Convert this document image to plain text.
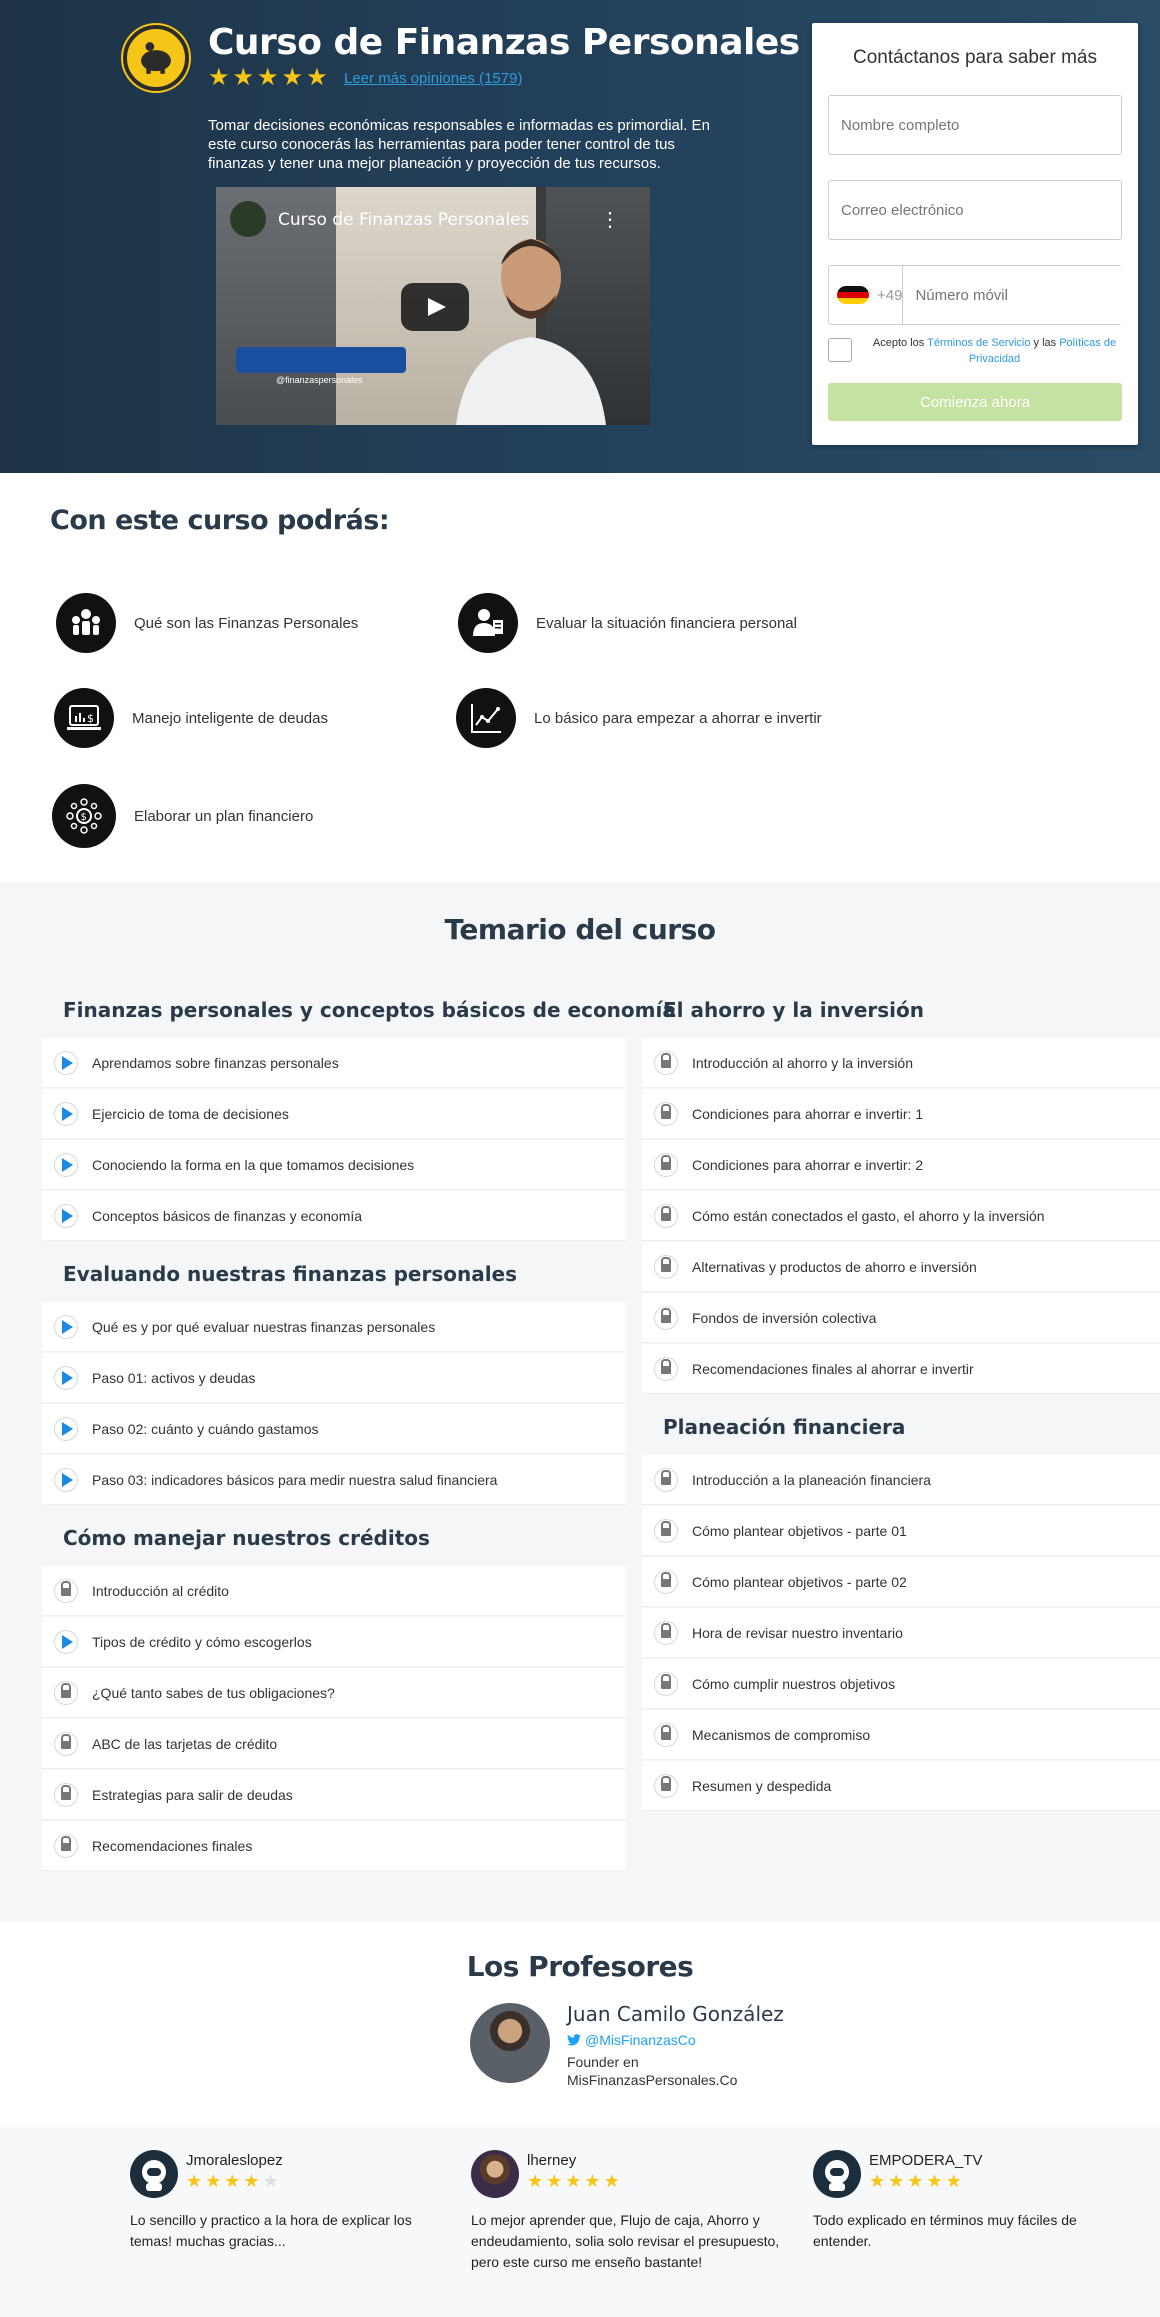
Curso de Finanzas Personales
★ ★ ★ ★ ★ Leer más opiniones (1579)
Tomar decisiones económicas responsables e informadas es primordial. En este curso conocerás las herramientas para poder tener control de tus finanzas y tener una mejor planeación y proyección de tus recursos.
Curso de Finanzas Personales	⋮
@finanzaspersonales
Contáctanos para saber más
Nombre completo
Correo electrónico
+49
Número móvil
Acepto los Términos de Servicio y las Políticas de Privacidad
Comienza ahora
Con este curso podrás:
Qué son las Finanzas Personales	Evaluar la situación financiera personal
$	Manejo inteligente de deudas	Lo básico para empezar a ahorrar e invertir
$	Elaborar un plan financiero
Temario del curso
Finanzas personales y conceptos básicos de economía
Aprendamos sobre finanzas personales
Ejercicio de toma de decisiones
Conociendo la forma en la que tomamos decisiones
Conceptos básicos de finanzas y economía
Evaluando nuestras finanzas personales
Qué es y por qué evaluar nuestras finanzas personales
Paso 01: activos y deudas
Paso 02: cuánto y cuándo gastamos
Paso 03: indicadores básicos para medir nuestra salud financiera
Cómo manejar nuestros créditos
Introducción al crédito
Tipos de crédito y cómo escogerlos
¿Qué tanto sabes de tus obligaciones?
ABC de las tarjetas de crédito
Estrategias para salir de deudas
Recomendaciones finales
El ahorro y la inversión
Introducción al ahorro y la inversión
Condiciones para ahorrar e invertir: 1
Condiciones para ahorrar e invertir: 2
Cómo están conectados el gasto, el ahorro y la inversión
Alternativas y productos de ahorro e inversión
Fondos de inversión colectiva
Recomendaciones finales al ahorrar e invertir
Planeación financiera
Introducción a la planeación financiera
Cómo plantear objetivos - parte 01
Cómo plantear objetivos - parte 02
Hora de revisar nuestro inventario
Cómo cumplir nuestros objetivos
Mecanismos de compromiso
Resumen y despedida
Los Profesores
Juan Camilo González
@MisFinanzasCo
Founder en MisFinanzasPersonales.Co
Jmoraleslopez
★ ★ ★ ★ ★
Lo sencillo y practico a la hora de explicar los temas! muchas gracias...
lherney
★ ★ ★ ★ ★
Lo mejor aprender que, Flujo de caja, Ahorro y endeudamiento, solia solo revisar el presupuesto, pero este curso me enseño bastante!
EMPODERA_TV
★ ★ ★ ★ ★
Todo explicado en términos muy fáciles de entender.
